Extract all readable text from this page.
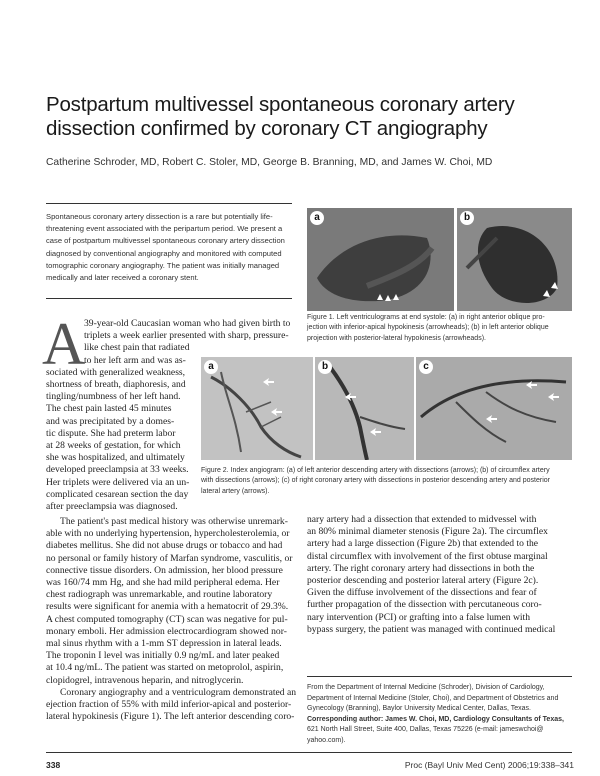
Postpartum multivessel spontaneous coronary artery
dissection confirmed by coronary CT angiography
Catherine Schroder, MD, Robert C. Stoler, MD, George B. Branning, MD, and James W. Choi, MD
Spontaneous coronary artery dissection is a rare but potentially life-
threatening event associated with the peripartum period. We present a
case of postpartum multivessel spontaneous coronary artery dissection
diagnosed by conventional angiography and monitored with computed
tomographic coronary angiography. The patient was initially managed
medically and later received a coronary stent.
a	b
Figure 1. Left ventriculograms at end systole: (a) in right anterior oblique pro-
jection with inferior-apical hypokinesis (arrowheads); (b) in left anterior oblique
projection with posterior-lateral hypokinesis (arrowheads).
a	b	c
Figure 2. Index angiogram: (a) of left anterior descending artery with dissections (arrows); (b) of circumflex artery
with dissections (arrows); (c) of right coronary artery with dissections in posterior descending artery and posterior
lateral artery (arrows).
A
39-year-old Caucasian woman who had given birth to
triplets a week earlier presented with sharp, pressure-
like chest pain that radiated
to her left arm and was as-
sociated with generalized weakness,
shortness of breath, diaphoresis, and
tingling/numbness of her left hand.
The chest pain lasted 45 minutes
and was precipitated by a domes-
tic dispute. She had preterm labor
at 28 weeks of gestation, for which
she was hospitalized, and ultimately
developed preeclampsia at 33 weeks.
Her triplets were delivered via an un-
complicated cesarean section the day
after preeclampsia was diagnosed.
The patient's past medical history was otherwise unremark-
able with no underlying hypertension, hypercholesterolemia, or
diabetes mellitus. She did not abuse drugs or tobacco and had
no personal or family history of Marfan syndrome, vasculitis, or
connective tissue disorders. On admission, her blood pressure
was 160/74 mm Hg, and she had mild peripheral edema. Her
chest radiograph was unremarkable, and routine laboratory
results were significant for anemia with a hematocrit of 29.3%.
A chest computed tomography (CT) scan was negative for pul-
monary emboli. Her admission electrocardiogram showed nor-
mal sinus rhythm with a 1-mm ST depression in lateral leads.
The troponin I level was initially 0.9 ng/mL and later peaked
at 10.4 ng/mL. The patient was started on metoprolol, aspirin,
clopidogrel, intravenous heparin, and nitroglycerin.
Coronary angiography and a ventriculogram demonstrated an
ejection fraction of 55% with mild inferior-apical and posterior-
lateral hypokinesis (Figure 1). The left anterior descending coro-
nary artery had a dissection that extended to midvessel with
an 80% minimal diameter stenosis (Figure 2a). The circumflex
artery had a large dissection (Figure 2b) that extended to the
distal circumflex with involvement of the first obtuse marginal
artery. The right coronary artery had dissections in both the
posterior descending and posterior lateral artery (Figure 2c).
Given the diffuse involvement of the dissections and fear of
further propagation of the dissection with percutaneous coro-
nary intervention (PCI) or grafting into a false lumen with
bypass surgery, the patient was managed with continued medical
From the Department of Internal Medicine (Schroder), Division of Cardiology,
Department of Internal Medicine (Stoler, Choi), and Department of Obstetrics and
Gynecology (Branning), Baylor University Medical Center, Dallas, Texas.
Corresponding author: James W. Choi, MD, Cardiology Consultants of Texas,
621 North Hall Street, Suite 400, Dallas, Texas 75226 (e-mail: jameswchoi@
yahoo.com).
338	Proc (Bayl Univ Med Cent) 2006;19:338–341
